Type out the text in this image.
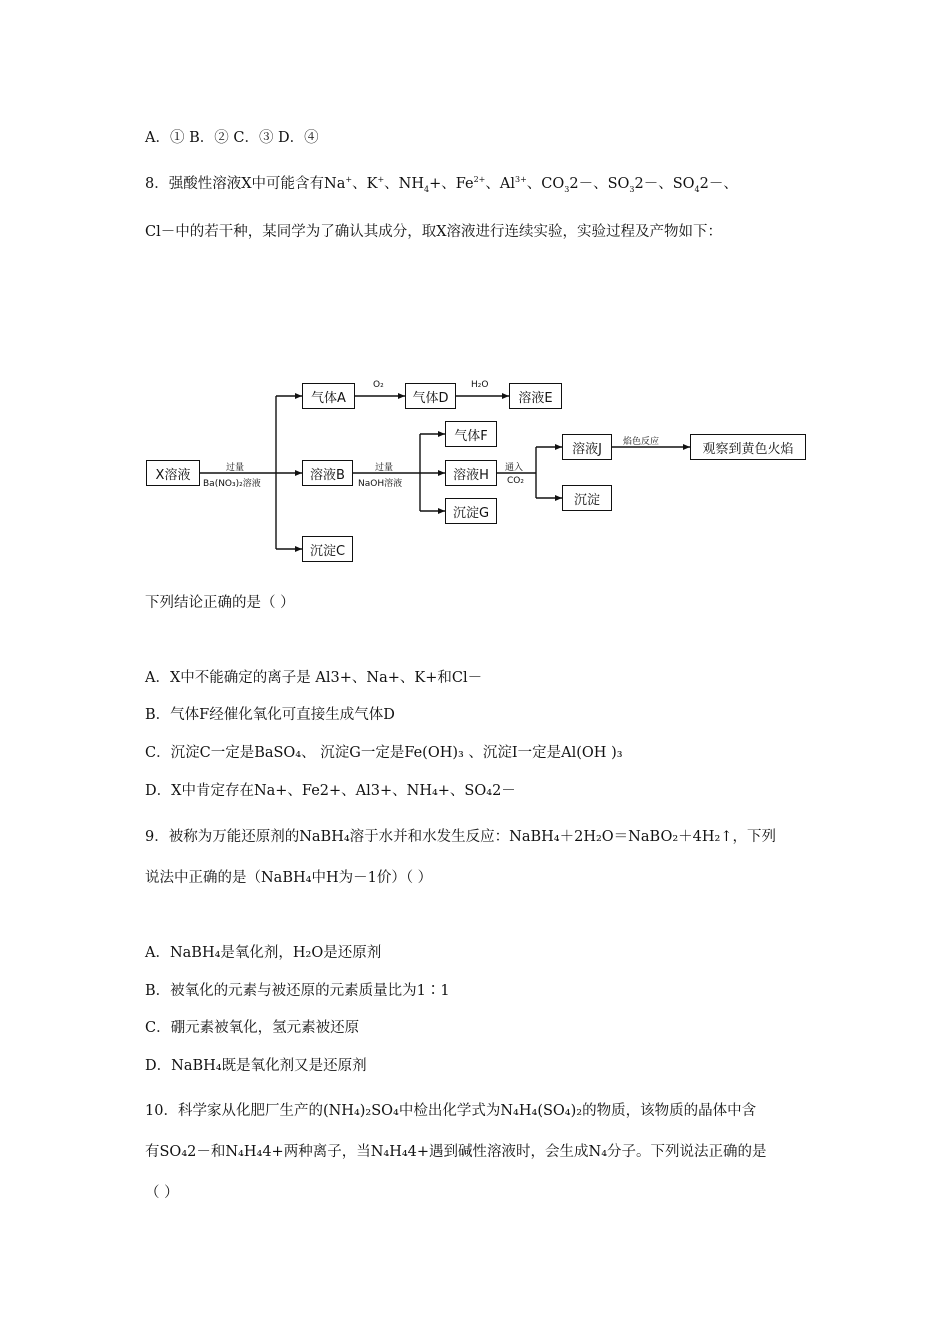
A．① B．② C．③ D．④
8．强酸性溶液X中可能含有Na+、K+、$NH_4+$、$Fe^{2+}$、$Al^{3+}$、$CO_32-$、$SO_32-$、$SO_42-$、
Cl－中的若干种，某同学为了确认其成分，取X溶液进行连续实验，实验过程及产物如下：
X溶液
气体A	气体D	溶液E
溶液B
沉淀C
气体F
溶液H
沉淀G
溶液J
沉淀
观察到黄色火焰
O₂	H₂O
过量
Ba(NO₃)₂溶液
过量
NaOH溶液
通入
CO₂
焰色反应
下列结论正确的是（ ）
A．X中不能确定的离子是 Al3+、Na+、K+和Cl－
B．气体F经催化氧化可直接生成气体D
C．沉淀C一定是BaSO₄、 沉淀G一定是Fe(OH)₃ 、沉淀I一定是Al(OH )₃
D．X中肯定存在Na+、Fe2+、Al3+、NH₄+、SO₄2－
9．被称为万能还原剂的NaBH₄溶于水并和水发生反应：NaBH₄＋2H₂O＝NaBO₂＋4H₂↑，下列
说法中正确的是（NaBH₄中H为－1价）（ ）
A．NaBH₄是氧化剂，H₂O是还原剂
B．被氧化的元素与被还原的元素质量比为1∶1
C．硼元素被氧化，氢元素被还原
D．NaBH₄既是氧化剂又是还原剂
10．科学家从化肥厂生产的(NH₄)₂SO₄中检出化学式为N₄H₄(SO₄)₂的物质，该物质的晶体中含
有SO₄2－和N₄H₄4+两种离子，当N₄H₄4+遇到碱性溶液时，会生成N₄分子。下列说法正确的是
（ ）
